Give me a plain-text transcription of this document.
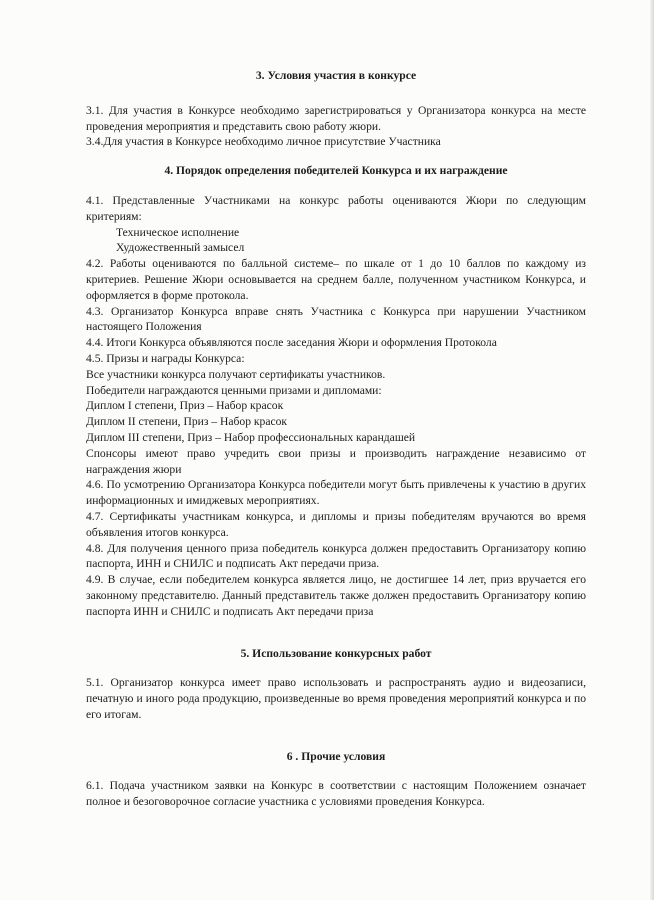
3. Условия участия в конкурсе

3.1. Для участия в Конкурсе необходимо зарегистрироваться у Организатора конкурса на месте проведения мероприятия и представить свою работу жюри.

3.4.Для участия в Конкурсе необходимо личное присутствие Участника

4. Порядок определения победителей Конкурса и их награждение

4.1. Представленные Участниками на конкурс работы оцениваются Жюри по следующим критериям:

Техническое исполнение

Художественный замысел

4.2. Работы оцениваются по балльной системе– по шкале от 1 до 10 баллов по каждому из критериев. Решение Жюри основывается на среднем балле, полученном участником Конкурса, и оформляется в форме протокола.

4.3. Организатор Конкурса вправе снять Участника с Конкурса при нарушении Участником настоящего Положения

4.4. Итоги Конкурса объявляются после заседания Жюри и оформления Протокола

4.5. Призы и награды Конкурса:

Все участники конкурса получают сертификаты участников.

Победители награждаются ценными призами и дипломами:

Диплом I степени, Приз – Набор красок

Диплом II степени, Приз – Набор красок

Диплом III степени, Приз – Набор профессиональных карандашей

Спонсоры имеют право учредить свои призы и производить награждение независимо от награждения жюри

4.6. По усмотрению Организатора Конкурса победители могут быть привлечены к участию в других информационных и имиджевых мероприятиях.

4.7. Сертификаты участникам конкурса, и дипломы и призы победителям вручаются во время объявления итогов конкурса.

4.8. Для получения ценного приза победитель конкурса должен предоставить Организатору копию паспорта, ИНН и СНИЛС и подписать Акт передачи приза.

4.9. В случае, если победителем конкурса является лицо, не достигшее 14 лет, приз вручается его законному представителю. Данный представитель также должен предоставить Организатору копию паспорта ИНН и СНИЛС и подписать Акт передачи приза

5. Использование конкурсных работ

5.1. Организатор конкурса имеет право использовать и распространять аудио и видеозаписи, печатную и иного рода продукцию, произведенные во время проведения мероприятий конкурса и по его итогам.

6 . Прочие условия

6.1. Подача участником заявки на Конкурс в соответствии с настоящим Положением означает полное и безоговорочное согласие участника с условиями проведения Конкурса.
